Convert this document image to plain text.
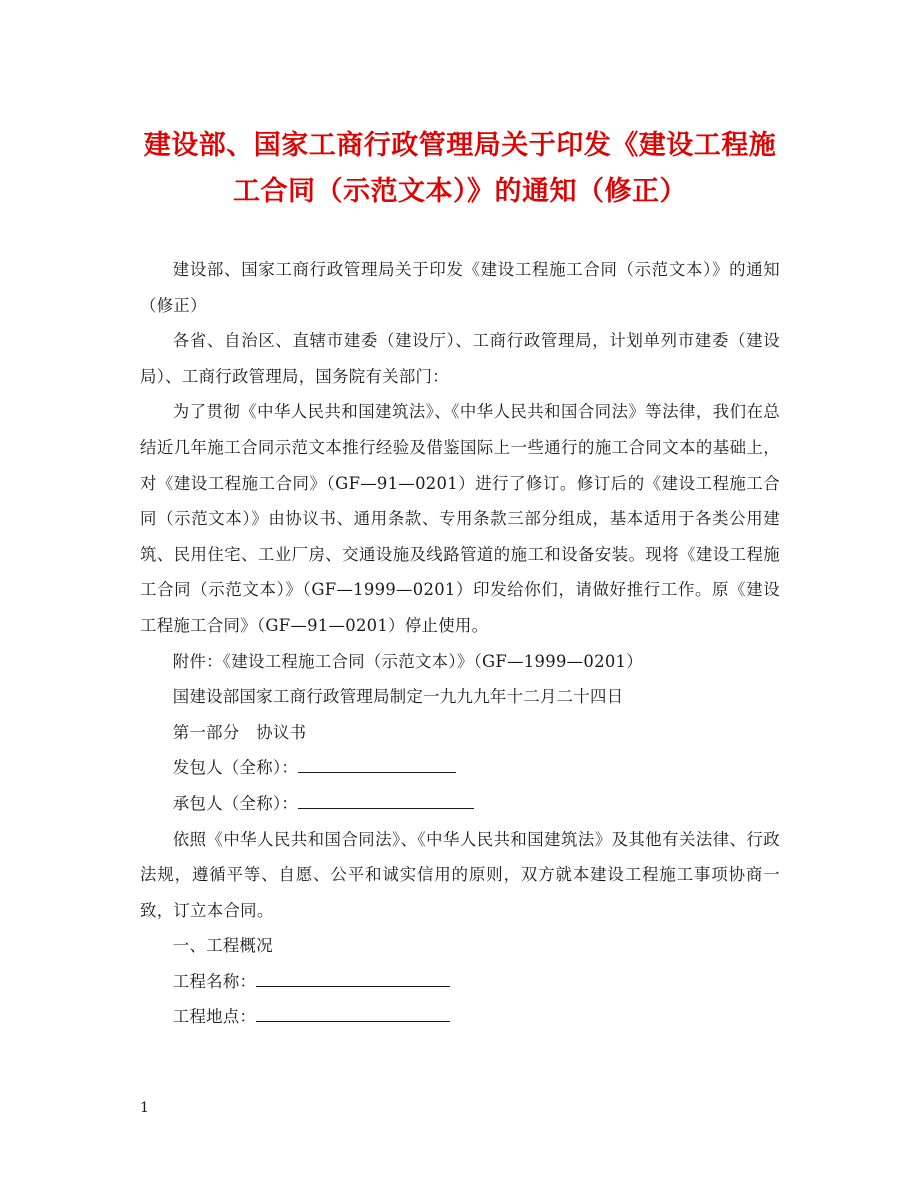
建设部、国家工商行政管理局关于印发《建设工程施
工合同（示范文本）》的通知（修正）

建设部、国家工商行政管理局关于印发《建设工程施工合同（示范文本）》的通知（修正）

各省、自治区、直辖市建委（建设厅）、工商行政管理局，计划单列市建委（建设局）、工商行政管理局，国务院有关部门：

为了贯彻《中华人民共和国建筑法》、《中华人民共和国合同法》等法律，我们在总结近几年施工合同示范文本推行经验及借鉴国际上一些通行的施工合同文本的基础上，对《建设工程施工合同》（GF—91—0201）进行了修订。修订后的《建设工程施工合同（示范文本）》由协议书、通用条款、专用条款三部分组成，基本适用于各类公用建筑、民用住宅、工业厂房、交通设施及线路管道的施工和设备安装。现将《建设工程施工合同（示范文本）》（GF—1999—0201）印发给你们，请做好推行工作。原《建设工程施工合同》（GF—91—0201）停止使用。

附件：《建设工程施工合同（示范文本）》（GF—1999—0201）

国建设部国家工商行政管理局制定一九九九年十二月二十四日

第一部分　协议书

发包人（全称）：

承包人（全称）：

依照《中华人民共和国合同法》、《中华人民共和国建筑法》及其他有关法律、行政法规，遵循平等、自愿、公平和诚实信用的原则，双方就本建设工程施工事项协商一致，订立本合同。

一、工程概况

工程名称：

工程地点：

1
